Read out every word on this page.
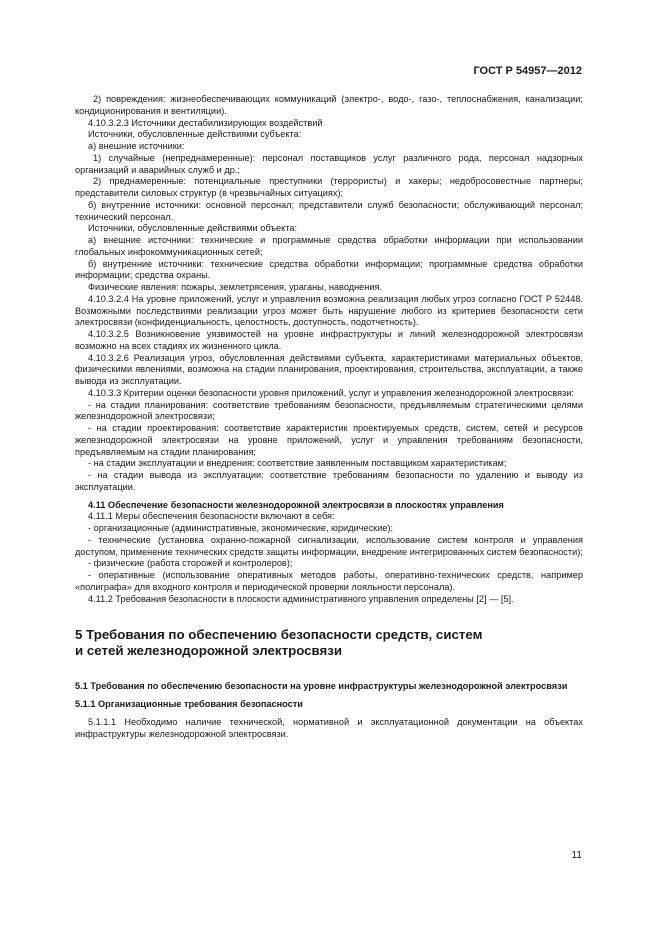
ГОСТ Р 54957—2012

2) повреждения: жизнеобеспечивающих коммуникаций (электро-, водо-, газо-, теплоснабжения, канализации; кондиционирования и вентиляции).

4.10.3.2.3 Источники дестабилизирующих воздействий

Источники, обусловленные действиями субъекта:

а) внешние источники:

1) случайные (непреднамеренные): персонал поставщиков услуг различного рода, персонал надзорных организаций и аварийных служб и др.;

2) преднамеренные: потенциальные преступники (террористы) и хакеры; недобросовестные партнеры; представители силовых структур (в чрезвычайных ситуациях);

б) внутренние источники: основной персонал; представители служб безопасности; обслуживающий персонал; технический персонал.

Источники, обусловленные действиями объекта:

а) внешние источники: технические и программные средства обработки информации при использовании глобальных инфокоммуникационных сетей;

б) внутренние источники: технические средства обработки информации; программные средства обработки информации; средства охраны.

Физические явления: пожары, землетрясения, ураганы, наводнения.

4.10.3.2.4 На уровне приложений, услуг и управления возможна реализация любых угроз согласно ГОСТ Р 52448. Возможными последствиями реализации угроз может быть нарушение любого из критериев безопасности сети электросвязи (конфиденциальность, целостность, доступность, подотчетность).

4.10.3.2.5 Возникновение уязвимостей на уровне инфраструктуры и линий железнодорожной электросвязи возможно на всех стадиях их жизненного цикла.

4.10.3.2.6 Реализация угроз, обусловленная действиями субъекта, характеристиками материальных объектов, физическими явлениями, возможна на стадии планирования, проектирования, строительства, эксплуатации, а также вывода из эксплуатации.

4.10.3.3 Критерии оценки безопасности уровня приложений, услуг и управления железнодорожной электросвязи:

- на стадии планирования: соответствие требованиям безопасности, предъявляемым стратегическими целями железнодорожной электросвязи;

- на стадии проектирования: соответствие характеристик проектируемых средств, систем, сетей и ресурсов железнодорожной электросвязи на уровне приложений, услуг и управления требованиям безопасности, предъявляемым на стадии планирования;

- на стадии эксплуатации и внедрения: соответствие заявленным поставщиком характеристикам;

- на стадии вывода из эксплуатации: соответствие требованиям безопасности по удалению и выводу из эксплуатации.

4.11 Обеспечение безопасности железнодорожной электросвязи в плоскостях управления

4.11.1 Меры обеспечения безопасности включают в себя:

- организационные (административные, экономические, юридические);

- технические (установка охранно-пожарной сигнализации, использование систем контроля и управления доступом, применение технических средств защиты информации, внедрение интегрированных систем безопасности);

- физические (работа сторожей и контролеров);

- оперативные (использование оперативных методов работы, оперативно-технических средств, например «полиграфа» для входного контроля и периодической проверки лояльности персонала).

4.11.2 Требования безопасности в плоскости административного управления определены [2] — [5].

5 Требования по обеспечению безопасности средств, систем
и сетей железнодорожной электросвязи

5.1 Требования по обеспечению безопасности на уровне инфраструктуры железнодорожной электросвязи

5.1.1 Организационные требования безопасности

5.1.1.1 Необходимо наличие технической, нормативной и эксплуатационной документации на объектах инфраструктуры железнодорожной электросвязи.

11
